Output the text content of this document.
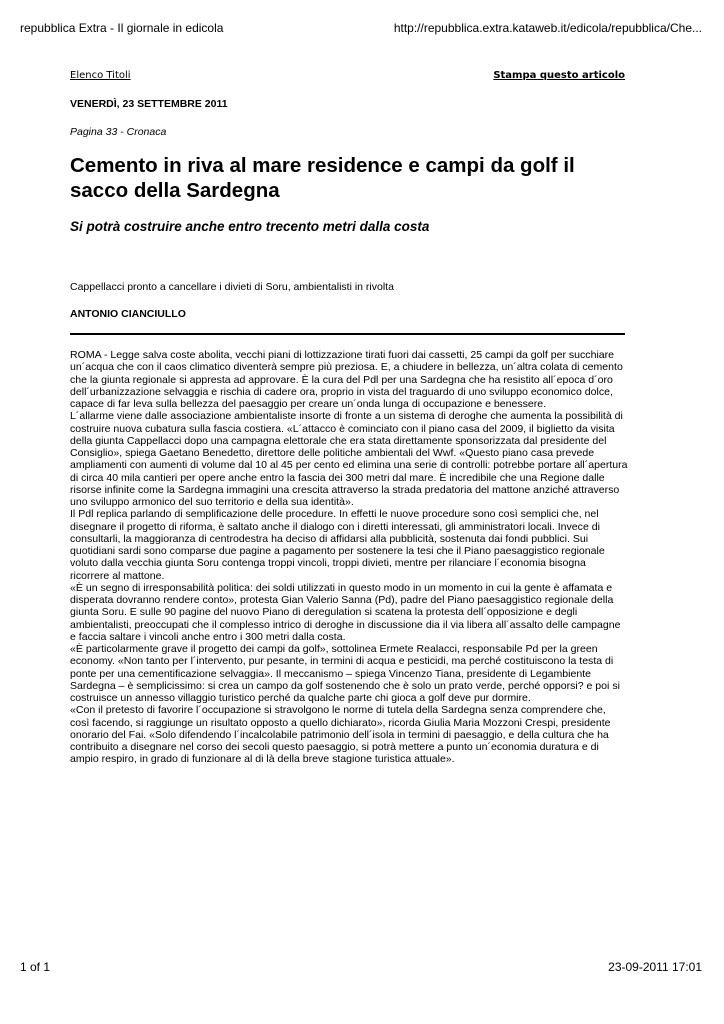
repubblica Extra - Il giornale in edicola	http://repubblica.extra.kataweb.it/edicola/repubblica/Che...
Elenco Titoli	Stampa questo articolo
VENERDÌ, 23 SETTEMBRE 2011
Pagina 33 - Cronaca
Cemento in riva al mare residence e campi da golf il sacco della Sardegna
Si potrà costruire anche entro trecento metri dalla costa
Cappellacci pronto a cancellare i divieti di Soru, ambientalisti in rivolta
ANTONIO CIANCIULLO

ROMA - Legge salva coste abolita, vecchi piani di lottizzazione tirati fuori dai cassetti, 25 campi da golf per succhiare un´acqua che con il caos climatico diventerà sempre più preziosa. E, a chiudere in bellezza, un´altra colata di cemento che la giunta regionale si appresta ad approvare. È la cura del Pdl per una Sardegna che ha resistito all´epoca d´oro dell´urbanizzazione selvaggia e rischia di cadere ora, proprio in vista del traguardo di uno sviluppo economico dolce, capace di far leva sulla bellezza del paesaggio per creare un´onda lunga di occupazione e benessere.

L´allarme viene dalle associazione ambientaliste insorte di fronte a un sistema di deroghe che aumenta la possibilità di costruire nuova cubatura sulla fascia costiera. «L´attacco è cominciato con il piano casa del 2009, il biglietto da visita della giunta Cappellacci dopo una campagna elettorale che era stata direttamente sponsorizzata dal presidente del Consiglio», spiega Gaetano Benedetto, direttore delle politiche ambientali del Wwf. «Questo piano casa prevede ampliamenti con aumenti di volume dal 10 al 45 per cento ed elimina una serie di controlli: potrebbe portare all´apertura di circa 40 mila cantieri per opere anche entro la fascia dei 300 metri dal mare. È incredibile che una Regione dalle risorse infinite come la Sardegna immagini una crescita attraverso la strada predatoria del mattone anziché attraverso uno sviluppo armonico del suo territorio e della sua identità».

Il Pdl replica parlando di semplificazione delle procedure. In effetti le nuove procedure sono così semplici che, nel disegnare il progetto di riforma, è saltato anche il dialogo con i diretti interessati, gli amministratori locali. Invece di consultarli, la maggioranza di centrodestra ha deciso di affidarsi alla pubblicità, sostenuta dai fondi pubblici. Sui quotidiani sardi sono comparse due pagine a pagamento per sostenere la tesi che il Piano paesaggistico regionale voluto dalla vecchia giunta Soru contenga troppi vincoli, troppi divieti, mentre per rilanciare l´economia bisogna ricorrere al mattone.

«È un segno di irresponsabilità politica: dei soldi utilizzati in questo modo in un momento in cui la gente è affamata e disperata dovranno rendere conto», protesta Gian Valerio Sanna (Pd), padre del Piano paesaggistico regionale della giunta Soru. E sulle 90 pagine del nuovo Piano di deregulation si scatena la protesta dell´opposizione e degli ambientalisti, preoccupati che il complesso intrico di deroghe in discussione dia il via libera all´assalto delle campagne e faccia saltare i vincoli anche entro i 300 metri dalla costa.

«È particolarmente grave il progetto dei campi da golf», sottolinea Ermete Realacci, responsabile Pd per la green economy. «Non tanto per l´intervento, pur pesante, in termini di acqua e pesticidi, ma perché costituiscono la testa di ponte per una cementificazione selvaggia». Il meccanismo – spiega Vincenzo Tiana, presidente di Legambiente Sardegna – è semplicissimo: si crea un campo da golf sostenendo che è solo un prato verde, perché opporsi? e poi si costruisce un annesso villaggio turistico perché da qualche parte chi gioca a golf deve pur dormire.

«Con il pretesto di favorire l´occupazione si stravolgono le norme di tutela della Sardegna senza comprendere che, così facendo, si raggiunge un risultato opposto a quello dichiarato», ricorda Giulia Maria Mozzoni Crespi, presidente onorario del Fai. «Solo difendendo l´incalcolabile patrimonio dell´isola in termini di paesaggio, e della cultura che ha contribuito a disegnare nel corso dei secoli questo paesaggio, si potrà mettere a punto un´economia duratura e di ampio respiro, in grado di funzionare al di là della breve stagione turistica attuale».

1 of 1	23-09-2011 17:01
